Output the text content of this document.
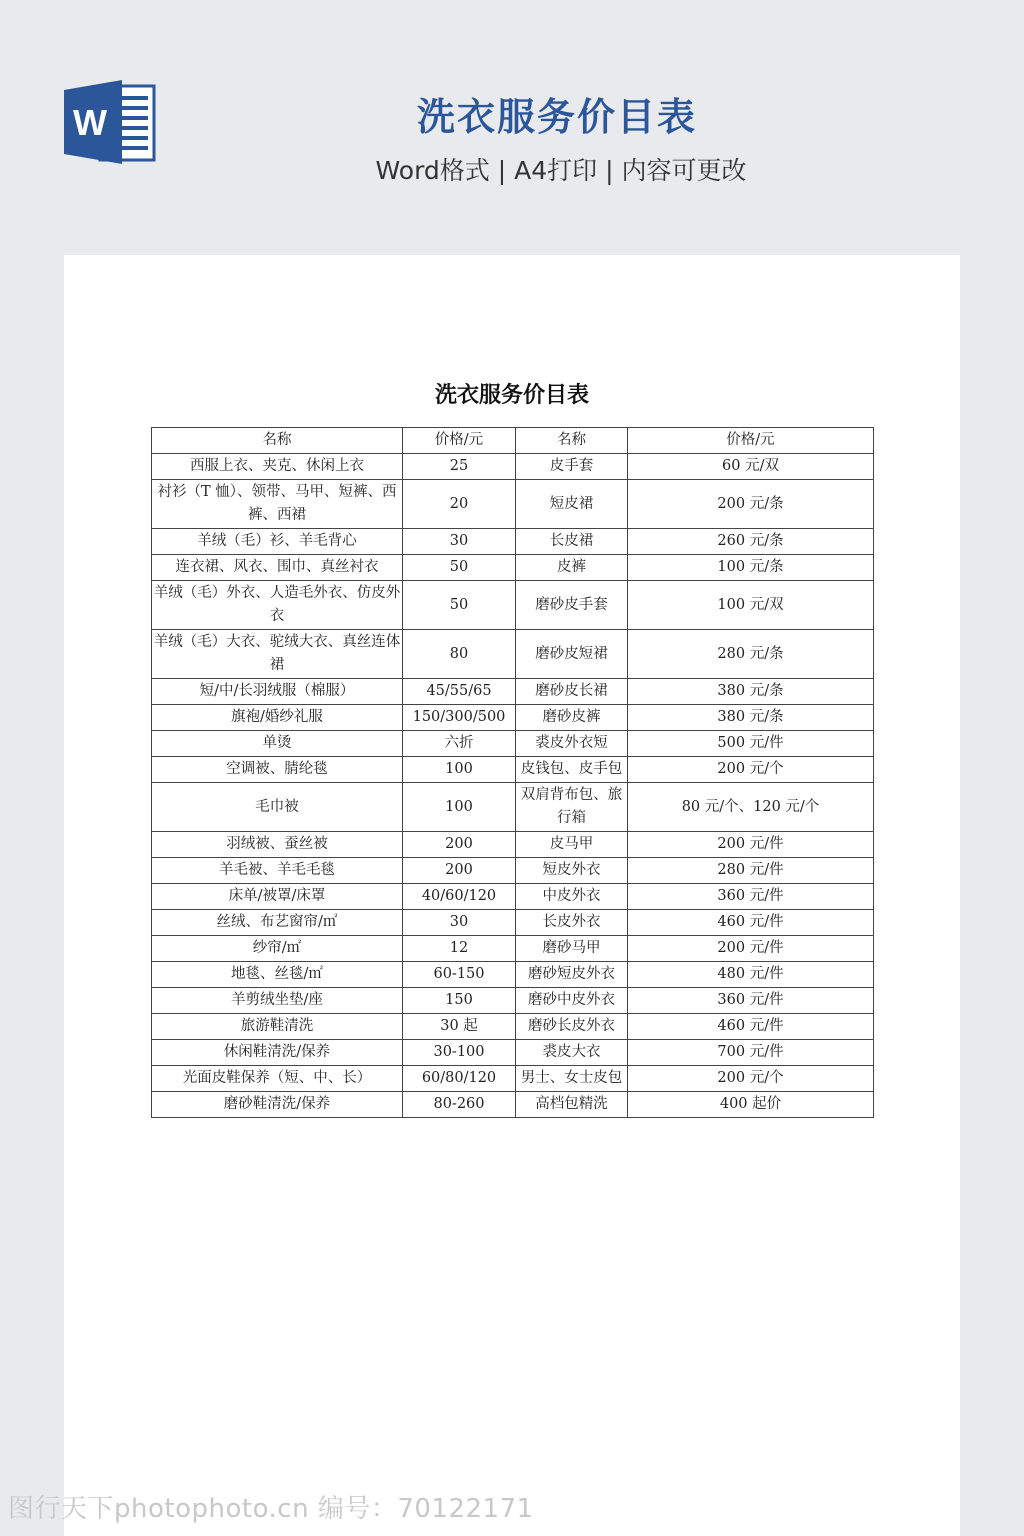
W	洗衣服务价目表
Word格式 | A4打印 | 内容可更改
洗衣服务价目表
名称	价格/元	名称	价格/元
西服上衣、夹克、休闲上衣	25	皮手套	60 元/双
衬衫（T 恤）、领带、马甲、短裤、西裤、西裙	20	短皮裙	200 元/条
羊绒（毛）衫、羊毛背心	30	长皮裙	260 元/条
连衣裙、风衣、围巾、真丝衬衣	50	皮裤	100 元/条
羊绒（毛）外衣、人造毛外衣、仿皮外衣	50	磨砂皮手套	100 元/双
羊绒（毛）大衣、驼绒大衣、真丝连体裙	80	磨砂皮短裙	280 元/条
短/中/长羽绒服（棉服）	45/55/65	磨砂皮长裙	380 元/条
旗袍/婚纱礼服	150/300/500	磨砂皮裤	380 元/条
单烫	六折	裘皮外衣短	500 元/件
空调被、腈纶毯	100	皮钱包、皮手包	200 元/个
毛巾被	100	双肩背布包、旅行箱	80 元/个、120 元/个
羽绒被、蚕丝被	200	皮马甲	200 元/件
羊毛被、羊毛毛毯	200	短皮外衣	280 元/件
床单/被罩/床罩	40/60/120	中皮外衣	360 元/件
丝绒、布艺窗帘/㎡	30	长皮外衣	460 元/件
纱帘/㎡	12	磨砂马甲	200 元/件
地毯、丝毯/㎡	60-150	磨砂短皮外衣	480 元/件
羊剪绒坐垫/座	150	磨砂中皮外衣	360 元/件
旅游鞋清洗	30 起	磨砂长皮外衣	460 元/件
休闲鞋清洗/保养	30-100	裘皮大衣	700 元/件
光面皮鞋保养（短、中、长）	60/80/120	男士、女士皮包	200 元/个
磨砂鞋清洗/保养	80-260	高档包精洗	400 起价
图行天下photophoto.cn 编号：70122171
